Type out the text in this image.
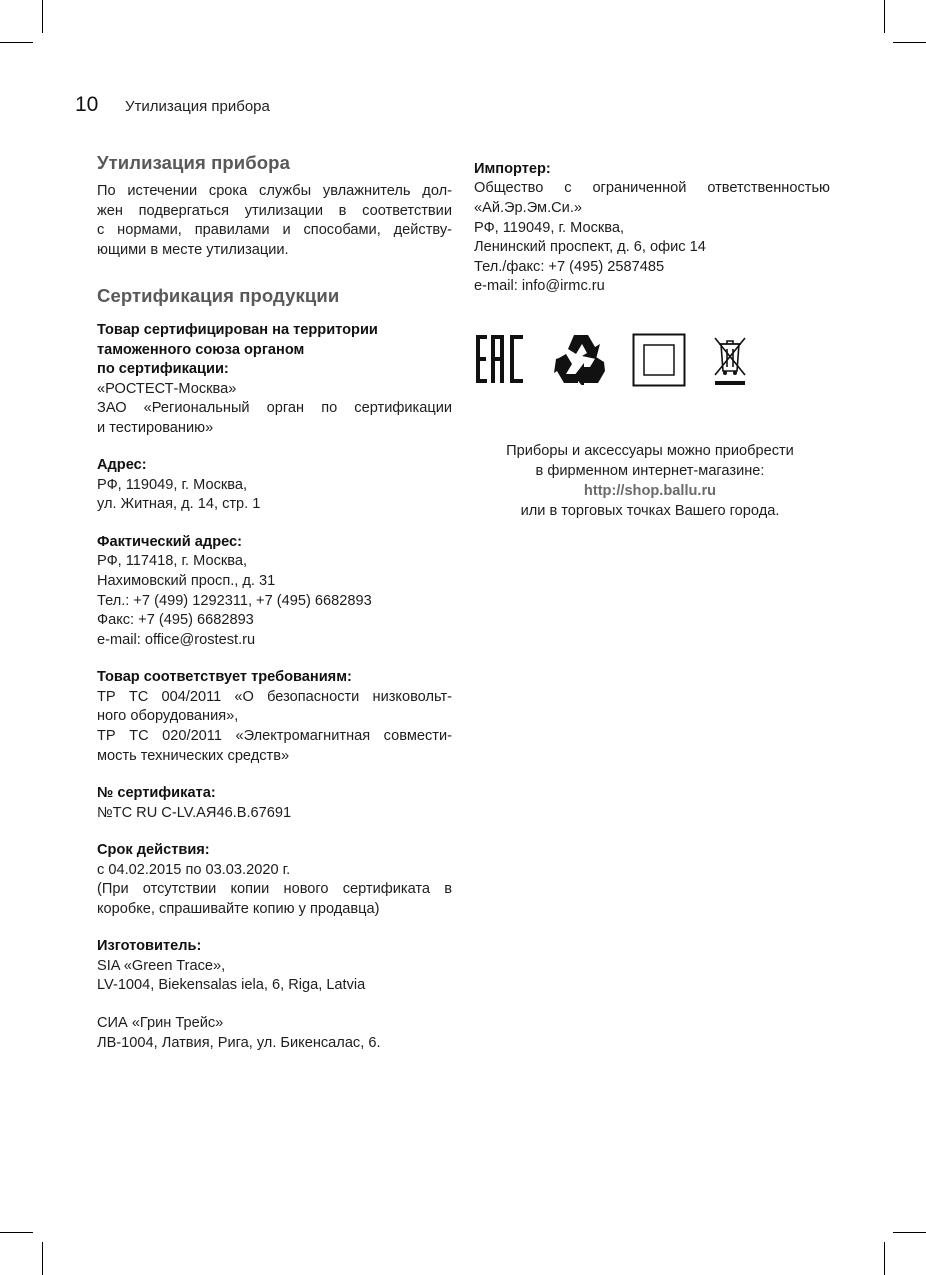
10	Утилизация прибора
Утилизация прибора

По истечении срока службы увлажнитель дол-

жен подвергаться утилизации в соответствии

с нормами, правилами и способами, действу-

ющими в месте утилизации.

Сертификация продукции

Товар сертифицирован на территории

таможенного союза органом

по сертификации:

«РОСТЕСТ-Москва»

ЗАО «Региональный орган по сертификации

и тестированию»

Адрес:

РФ, 119049, г. Москва,

ул. Житная, д. 14, стр. 1

Фактический адрес:

РФ, 117418, г. Москва,

Нахимовский просп., д. 31

Тел.: +7 (499) 1292311, +7 (495) 6682893

Факс: +7 (495) 6682893

e-mail: office@rostest.ru

Товар соответствует требованиям:

ТР ТС 004/2011 «О безопасности низковольт-

ного оборудования»,

ТР ТС 020/2011 «Электромагнитная совмести-

мость технических средств»

№ сертификата:

№TC RU C-LV.AЯ46.B.67691

Срок действия:

с 04.02.2015 по 03.03.2020 г.

(При отсутствии копии нового сертификата в

коробке, спрашивайте копию у продавца)

Изготовитель:

SIA «Green Trace»,

LV-1004, Biekensalas iela, 6, Riga, Latvia

СИА «Грин Трейс»

ЛВ-1004, Латвия, Рига, ул. Бикенсалас, 6.

Импортер:

Общество с ограниченной ответственностью

«Ай.Эр.Эм.Си.»

РФ, 119049, г. Москва,

Ленинский проспект, д. 6, офис 14

Тел./факс: +7 (495) 2587485

e-mail: info@irmc.ru

Приборы и аксессуары можно приобрести
в фирменном интернет-магазине:
http://shop.ballu.ru
или в торговых точках Вашего города.
